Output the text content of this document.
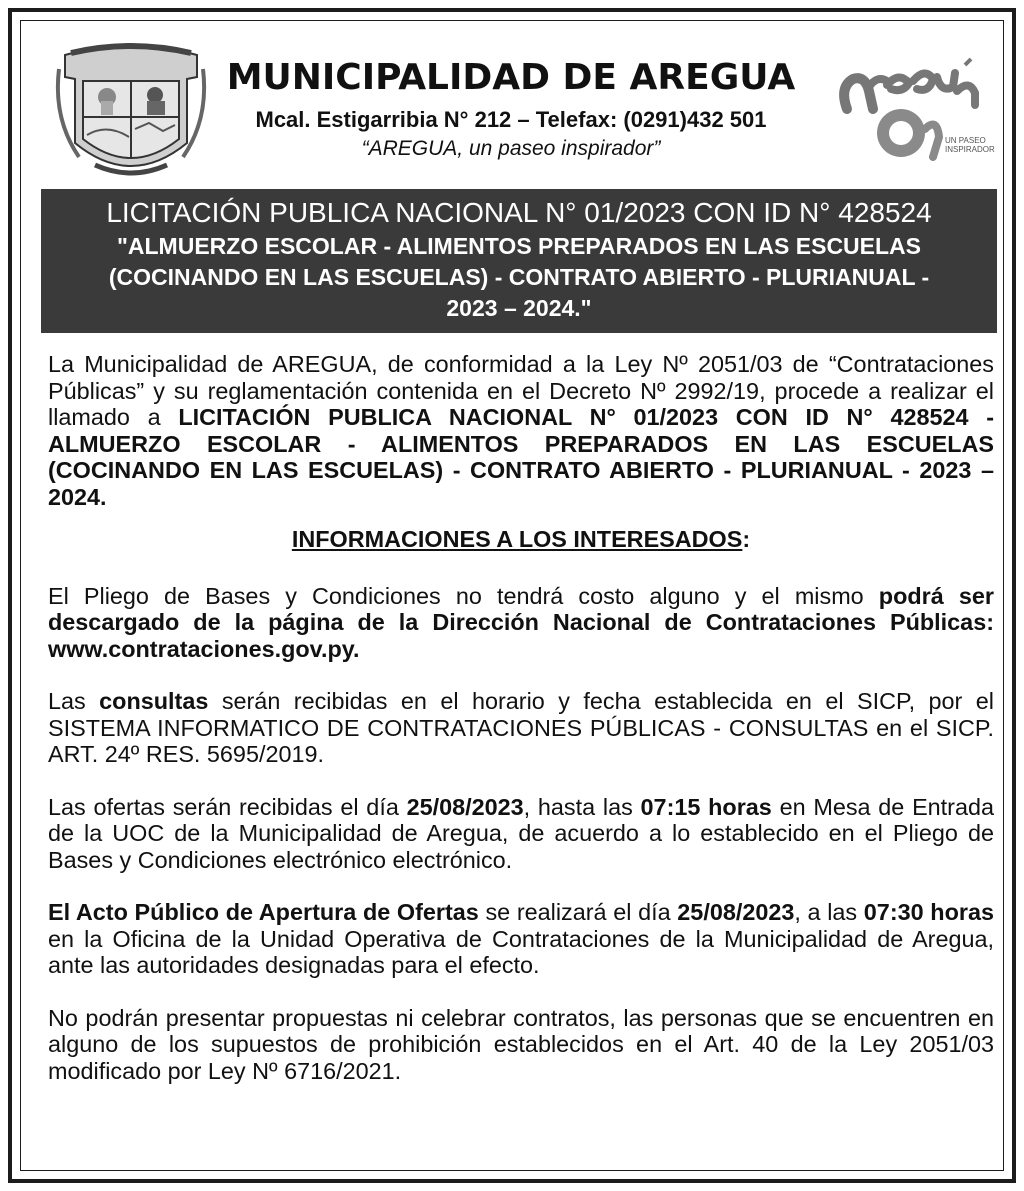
MUNICIPALIDAD DE AREGUA
Mcal. Estigarribia N° 212 – Telefax: (0291)432 501
“AREGUA, un paseo inspirador”	UN PASEO
INSPIRADOR
LICITACIÓN PUBLICA NACIONAL N° 01/2023 CON ID N° 428524
"ALMUERZO ESCOLAR - ALIMENTOS PREPARADOS EN LAS ESCUELAS (COCINANDO EN LAS ESCUELAS) - CONTRATO ABIERTO - PLURIANUAL - 2023 – 2024."

La Municipalidad de AREGUA, de conformidad a la Ley Nº 2051/03 de “Contrataciones Públicas” y su reglamentación contenida en el Decreto Nº 2992/19, procede a realizar el llamado a LICITACIÓN PUBLICA NACIONAL N° 01/2023 CON ID N° 428524 - ALMUERZO ESCOLAR - ALIMENTOS PREPARADOS EN LAS ESCUELAS (COCINANDO EN LAS ESCUELAS) - CONTRATO ABIERTO - PLURIANUAL - 2023 – 2024.

INFORMACIONES A LOS INTERESADOS:

El Pliego de Bases y Condiciones no tendrá costo alguno y el mismo podrá ser descargado de la página de la Dirección Nacional de Contrataciones Públicas: www.contrataciones.gov.py.

Las consultas serán recibidas en el horario y fecha establecida en el SICP, por el SISTEMA INFORMATICO DE CONTRATACIONES PÚBLICAS - CONSULTAS en el SICP. ART. 24º RES. 5695/2019.

Las ofertas serán recibidas el día 25/08/2023, hasta las 07:15 horas en Mesa de Entrada de la UOC de la Municipalidad de Aregua, de acuerdo a lo establecido en el Pliego de Bases y Condiciones electrónico electrónico.

El Acto Público de Apertura de Ofertas se realizará el día 25/08/2023, a las 07:30 horas en la Oficina de la Unidad Operativa de Contrataciones de la Municipalidad de Aregua, ante las autoridades designadas para el efecto.

No podrán presentar propuestas ni celebrar contratos, las personas que se encuentren en alguno de los supuestos de prohibición establecidos en el Art. 40 de la Ley 2051/03 modificado por Ley Nº 6716/2021.
